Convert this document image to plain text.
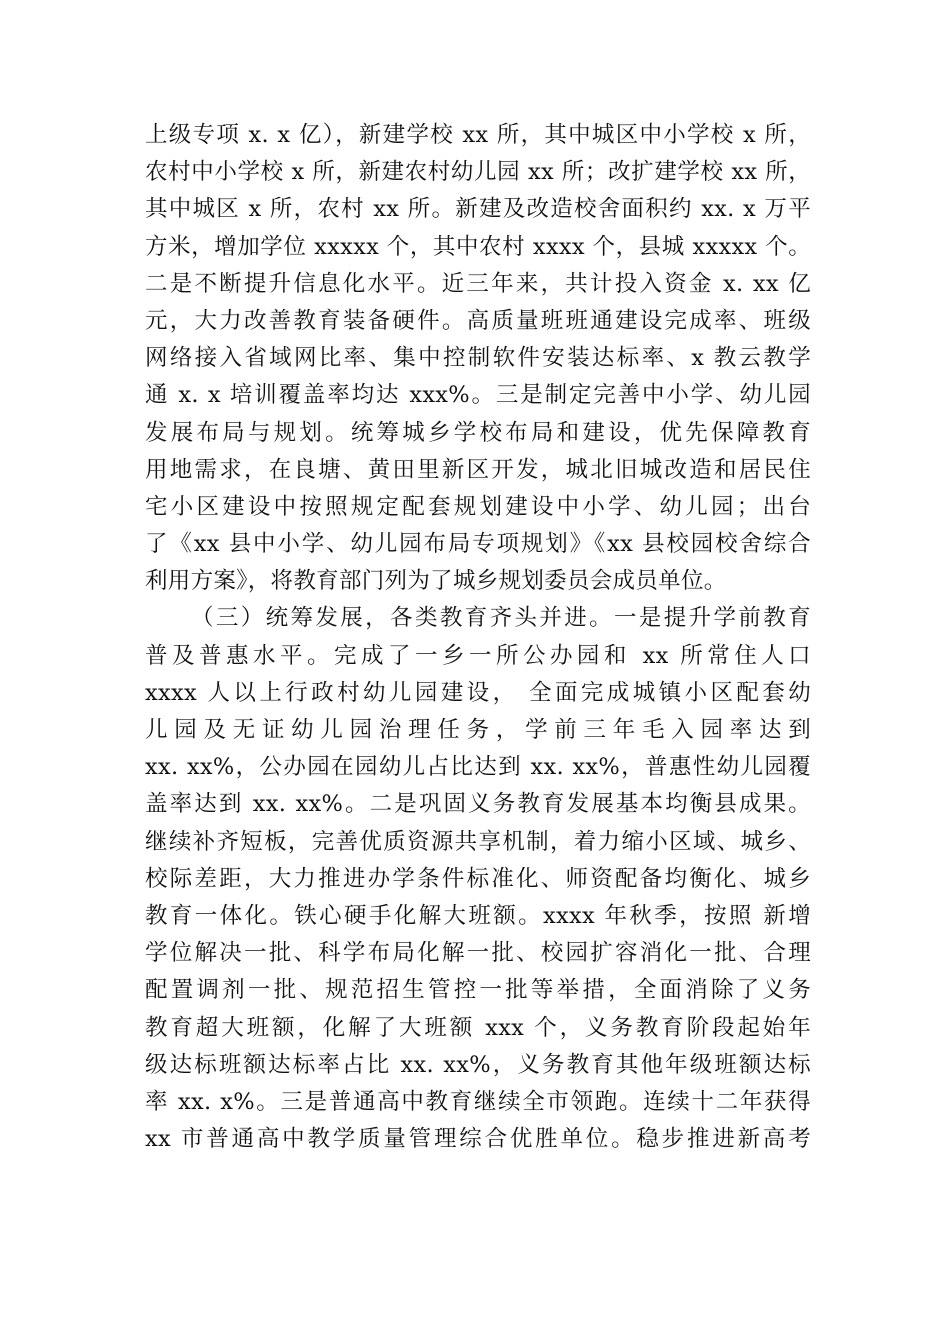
上级专项 x. x 亿），新建学校 xx 所，其中城区中小学校 x 所，
农村中小学校 x 所，新建农村幼儿园 xx 所；改扩建学校 xx 所，
其中城区 x 所，农村 xx 所。新建及改造校舍面积约 xx. x 万平
方米，增加学位 xxxxx 个，其中农村 xxxx 个，县城 xxxxx 个。
二是不断提升信息化水平。近三年来，共计投入资金 x. xx 亿
元，大力改善教育装备硬件。高质量班班通建设完成率、班级
网络接入省域网比率、集中控制软件安装达标率、x 教云教学
通 x. x 培训覆盖率均达 xxx%。三是制定完善中小学、幼儿园
发展布局与规划。统筹城乡学校布局和建设，优先保障教育
用地需求，在良塘、黄田里新区开发，城北旧城改造和居民住
宅小区建设中按照规定配套规划建设中小学、幼儿园；出台
了《xx 县中小学、幼儿园布局专项规划》《xx 县校园校舍综合
利用方案》，将教育部门列为了城乡规划委员会成员单位。
（三）统筹发展，各类教育齐头并进。一是提升学前教育
普及普惠水平。完成了一乡一所公办园和 xx 所常住人口
xxxx 人以上行政村幼儿园建设， 全面完成城镇小区配套幼
儿园及无证幼儿园治理任务，学前三年毛入园率达到
xx. xx%，公办园在园幼儿占比达到 xx. xx%，普惠性幼儿园覆
盖率达到 xx. xx%。二是巩固义务教育发展基本均衡县成果。
继续补齐短板，完善优质资源共享机制，着力缩小区域、城乡、
校际差距，大力推进办学条件标准化、师资配备均衡化、城乡
教育一体化。铁心硬手化解大班额。xxxx 年秋季，按照 新增
学位解决一批、科学布局化解一批、校园扩容消化一批、合理
配置调剂一批、规范招生管控一批等举措，全面消除了义务
教育超大班额，化解了大班额 xxx 个，义务教育阶段起始年
级达标班额达标率占比 xx. xx%，义务教育其他年级班额达标
率 xx. x%。三是普通高中教育继续全市领跑。连续十二年获得
xx 市普通高中教学质量管理综合优胜单位。稳步推进新高考
